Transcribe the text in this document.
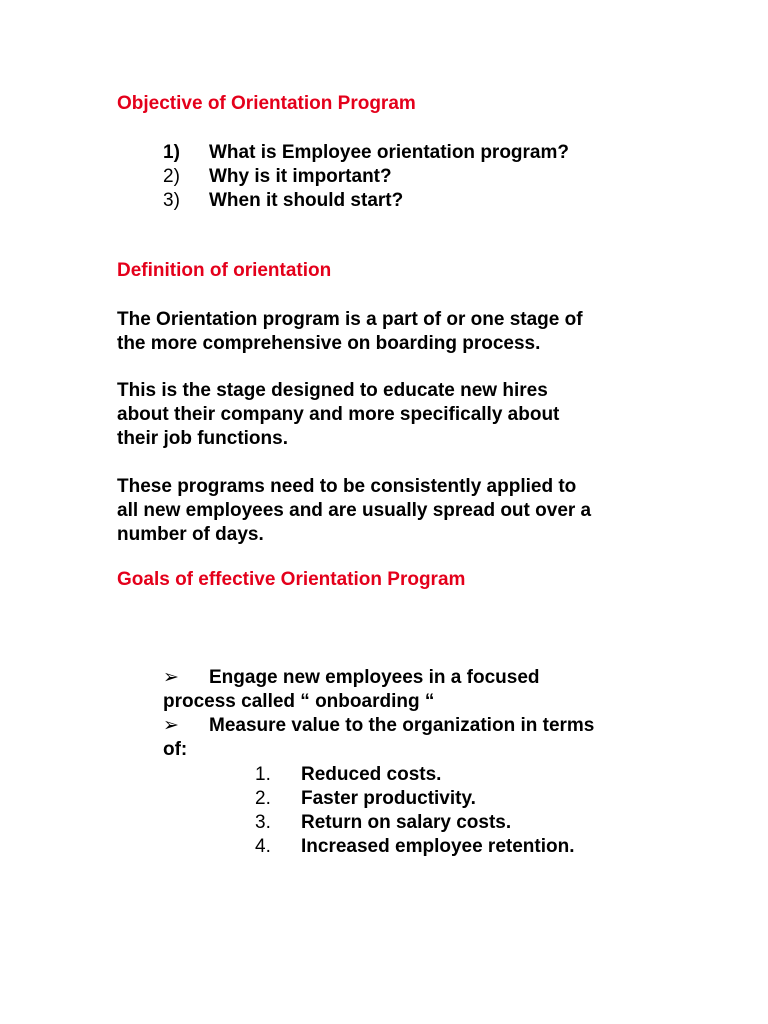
Objective of Orientation Program
1) What is Employee orientation program?
2) Why is it important?
3) When it should start?
Definition of orientation

The Orientation program is a part of or one stage of
the more comprehensive on boarding process.

This is the stage designed to educate new hires
about their company and more specifically about
their job functions.

These programs need to be consistently applied to
all new employees and are usually spread out over a
number of days.

Goals of effective Orientation Program
➢ Engage new employees in a focused
process called “ onboarding “
➢ Measure value to the organization in terms
of:
1. Reduced costs.
2. Faster productivity.
3. Return on salary costs.
4. Increased employee retention.
